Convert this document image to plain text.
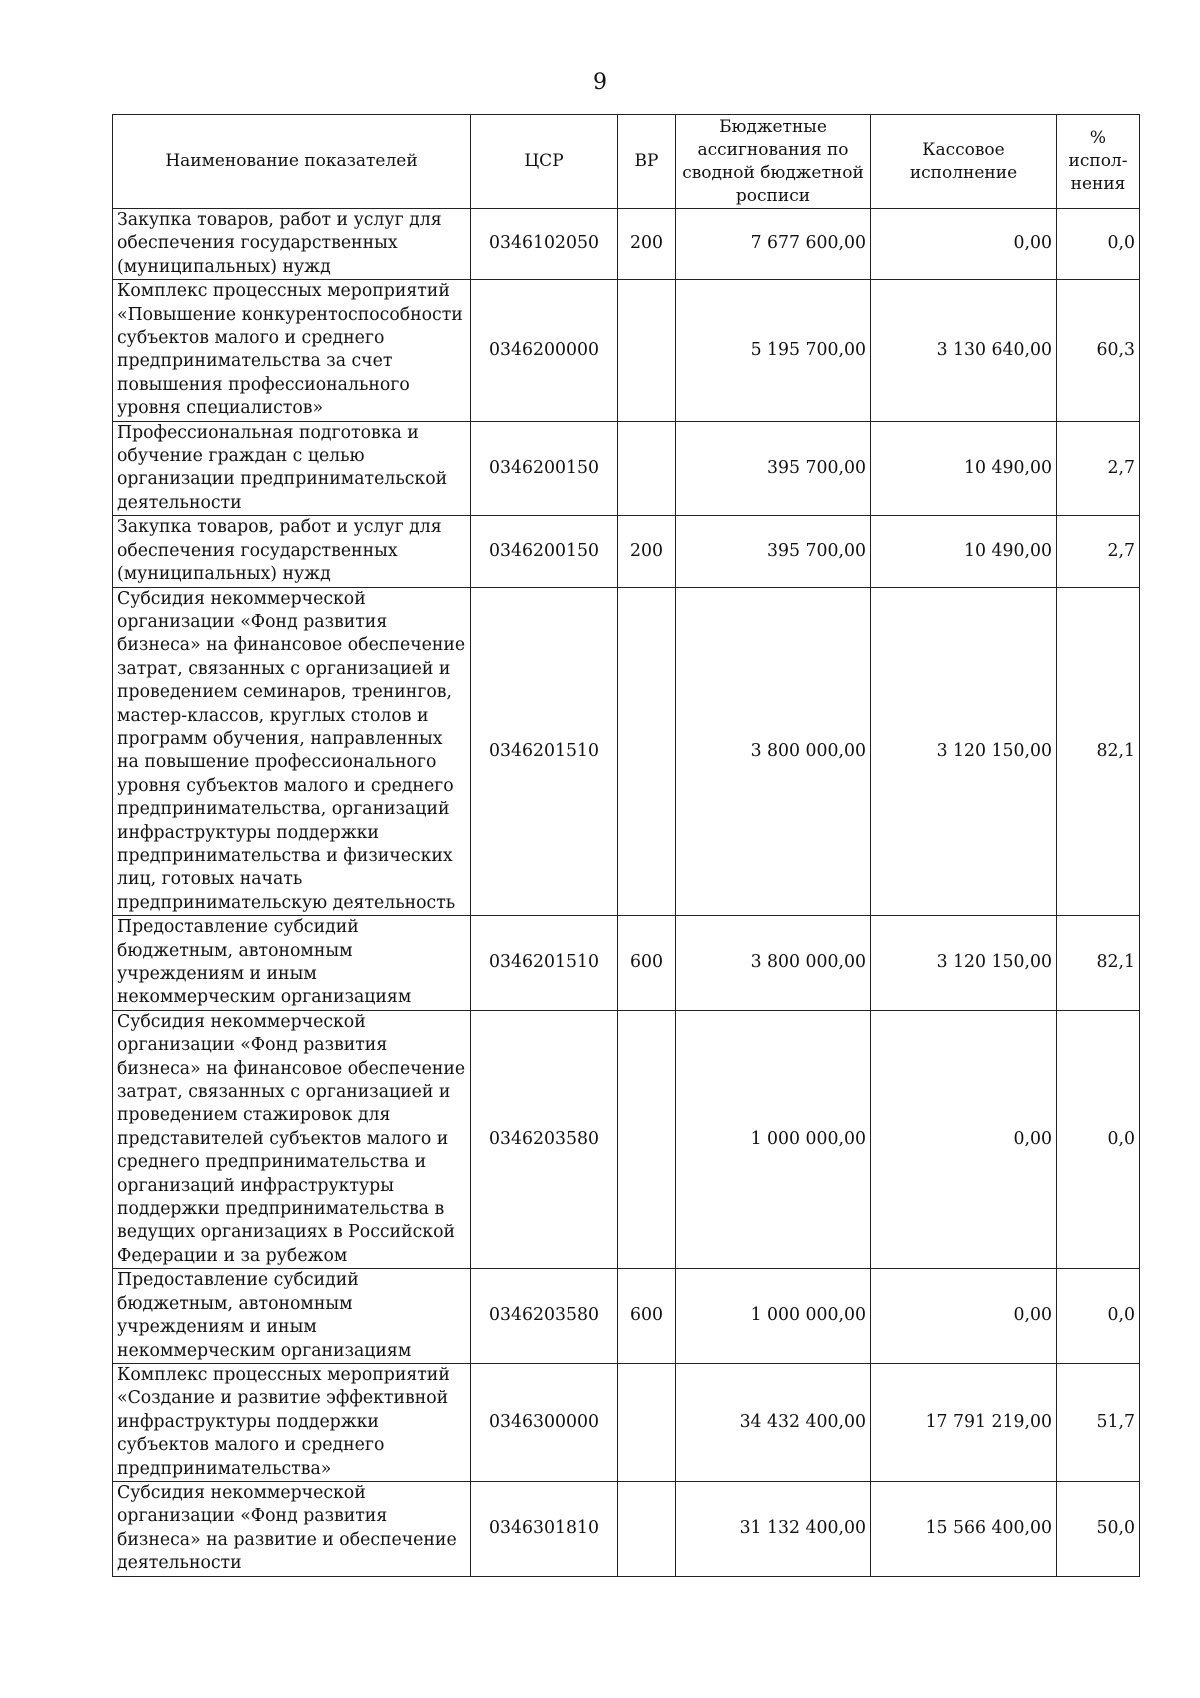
9
Наименование показателей	ЦСР	ВР	Бюджетные ассигнования по сводной бюджетной росписи	Кассовое исполнение	% испол-нения
Закупка товаров, работ и услуг для обеспечения государственных (муниципальных) нужд	0346102050	200	7 677 600,00	0,00	0,0
Комплекс процессных мероприятий «Повышение конкурентоспособности субъектов малого и среднего предпринимательства за счет повышения профессионального уровня специалистов»	0346200000		5 195 700,00	3 130 640,00	60,3
Профессиональная подготовка и обучение граждан с целью организации предпринимательской деятельности	0346200150		395 700,00	10 490,00	2,7
Закупка товаров, работ и услуг для обеспечения государственных (муниципальных) нужд	0346200150	200	395 700,00	10 490,00	2,7
Субсидия некоммерческой организации «Фонд развития бизнеса» на финансовое обеспечение затрат, связанных с организацией и проведением семинаров, тренингов, мастер-классов, круглых столов и программ обучения, направленных на повышение профессионального уровня субъектов малого и среднего предпринимательства, организаций инфраструктуры поддержки предпринимательства и физических лиц, готовых начать предпринимательскую деятельность	0346201510		3 800 000,00	3 120 150,00	82,1
Предоставление субсидий бюджетным, автономным учреждениям и иным некоммерческим организациям	0346201510	600	3 800 000,00	3 120 150,00	82,1
Субсидия некоммерческой организации «Фонд развития бизнеса» на финансовое обеспечение затрат, связанных с организацией и проведением стажировок для представителей субъектов малого и среднего предпринимательства и организаций инфраструктуры поддержки предпринимательства в ведущих организациях в Российской Федерации и за рубежом	0346203580		1 000 000,00	0,00	0,0
Предоставление субсидий бюджетным, автономным учреждениям и иным некоммерческим организациям	0346203580	600	1 000 000,00	0,00	0,0
Комплекс процессных мероприятий «Создание и развитие эффективной инфраструктуры поддержки субъектов малого и среднего предпринимательства»	0346300000		34 432 400,00	17 791 219,00	51,7
Субсидия некоммерческой организации «Фонд развития бизнеса» на развитие и обеспечение деятельности	0346301810		31 132 400,00	15 566 400,00	50,0
